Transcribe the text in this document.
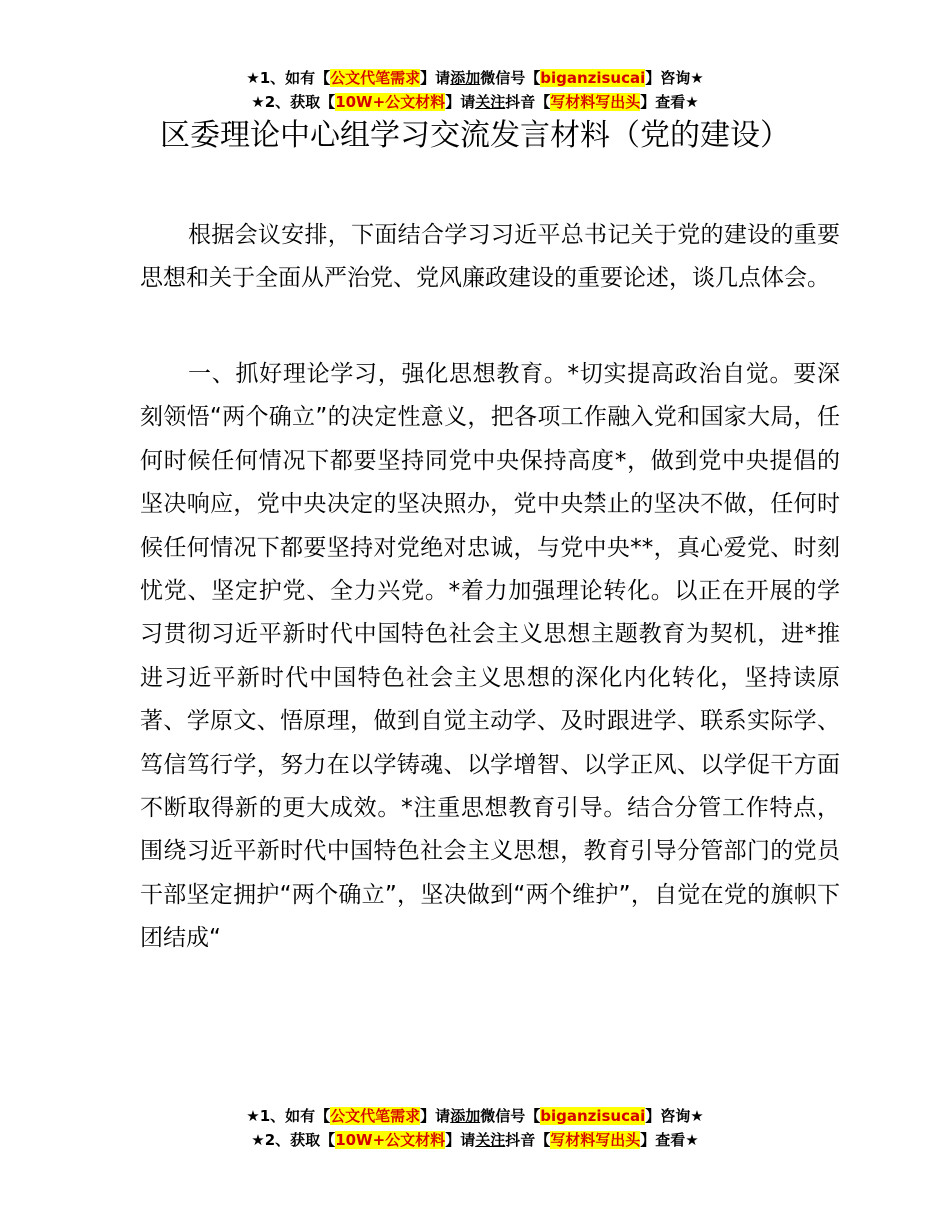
★1、如有【公文代笔需求】请添加微信号【biganzisucai】咨询★
★2、获取【10W+公文材料】请关注抖音【写材料写出头】查看★
区委理论中心组学习交流发言材料（党的建设）

根据会议安排，下面结合学习习近平总书记关于党的建设的重要思想和关于全面从严治党、党风廉政建设的重要论述，谈几点体会。

一、抓好理论学习，强化思想教育。*切实提高政治自觉。要深刻领悟“两个确立”的决定性意义，把各项工作融入党和国家大局，任何时候任何情况下都要坚持同党中央保持高度*，做到党中央提倡的坚决响应，党中央决定的坚决照办，党中央禁止的坚决不做，任何时候任何情况下都要坚持对党绝对忠诚，与党中央**，真心爱党、时刻忧党、坚定护党、全力兴党。*着力加强理论转化。以正在开展的学习贯彻习近平新时代中国特色社会主义思想主题教育为契机，进*推进习近平新时代中国特色社会主义思想的深化内化转化，坚持读原著、学原文、悟原理，做到自觉主动学、及时跟进学、联系实际学、笃信笃行学，努力在以学铸魂、以学增智、以学正风、以学促干方面不断取得新的更大成效。*注重思想教育引导。结合分管工作特点，围绕习近平新时代中国特色社会主义思想，教育引导分管部门的党员干部坚定拥护“两个确立”，坚决做到“两个维护”，自觉在党的旗帜下团结成“

★1、如有【公文代笔需求】请添加微信号【biganzisucai】咨询★
★2、获取【10W+公文材料】请关注抖音【写材料写出头】查看★
